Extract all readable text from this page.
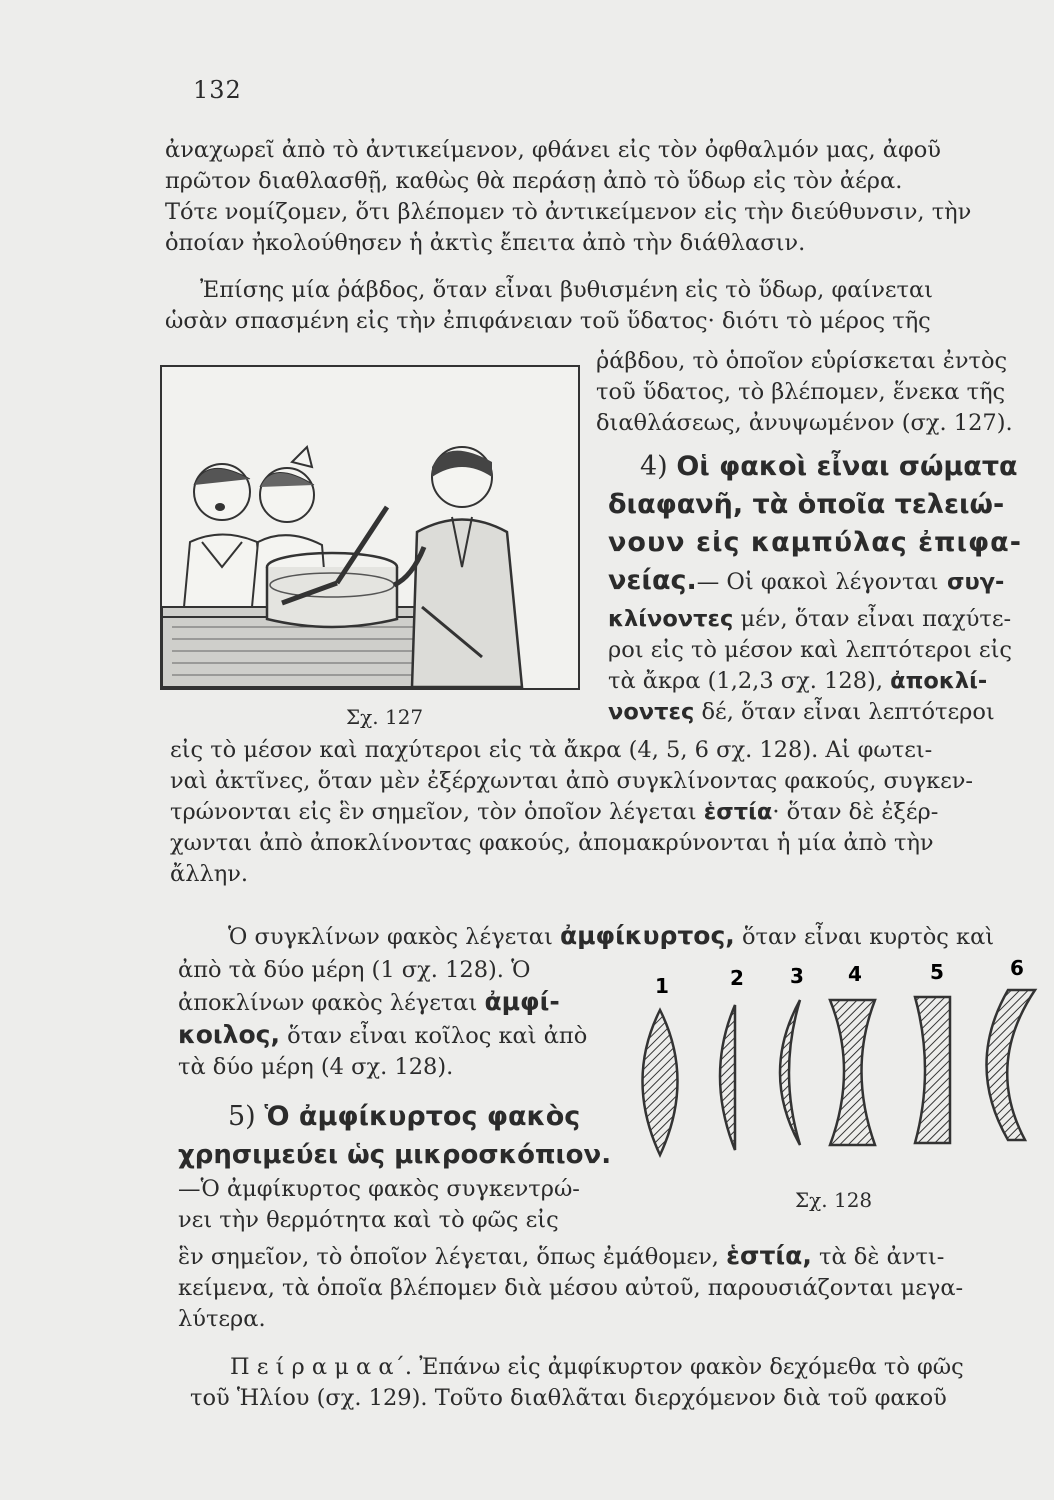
132
ἀναχωρεῖ ἀπὸ τὸ ἀντικείμενον, φθάνει εἰς τὸν ὀφθαλμόν μας, ἀφοῦ
πρῶτον διαθλασθῇ, καθὼς θὰ περάσῃ ἀπὸ τὸ ὕδωρ εἰς τὸν ἀέρα.
Τότε νομίζομεν, ὅτι βλέπομεν τὸ ἀντικείμενον εἰς τὴν διεύθυνσιν, τὴν
ὁποίαν ἠκολούθησεν ἡ ἀκτὶς ἔπειτα ἀπὸ τὴν διάθλασιν.
Ἐπίσης μία ῥάβδος, ὅταν εἶναι βυθισμένη εἰς τὸ ὕδωρ, φαίνεται
ὡσὰν σπασμένη εἰς τὴν ἐπιφάνειαν τοῦ ὕδατος· διότι τὸ μέρος τῆς
ῥάβδου, τὸ ὁποῖον εὑρίσκεται ἐντὸς
τοῦ ὕδατος, τὸ βλέπομεν, ἕνεκα τῆς
διαθλάσεως, ἀνυψωμένον (σχ. 127).
Σχ. 127
4) Οἱ φακοὶ εἶναι σώματα
διαφανῆ, τὰ ὁποῖα τελειώ-
νουν εἰς καμπύλας ἐπιφα-
νείας.— Οἱ φακοὶ λέγονται συγ-
κλίνοντες μέν, ὅταν εἶναι παχύτε-
ροι εἰς τὸ μέσον καὶ λεπτότεροι εἰς
τὰ ἄκρα (1,2,3 σχ. 128), ἀποκλί-
νοντες δέ, ὅταν εἶναι λεπτότεροι
εἰς τὸ μέσον καὶ παχύτεροι εἰς τὰ ἄκρα (4, 5, 6 σχ. 128). Αἱ φωτει-
ναὶ ἀκτῖνες, ὅταν μὲν ἐξέρχωνται ἀπὸ συγκλίνοντας φακούς, συγκεν-
τρώνονται εἰς ἓν σημεῖον, τὸν ὁποῖον λέγεται ἑστία· ὅταν δὲ ἐξέρ-
χωνται ἀπὸ ἀποκλίνοντας φακούς, ἀπομακρύνονται ἡ μία ἀπὸ τὴν
ἄλλην.
Ὁ συγκλίνων φακὸς λέγεται ἀμφίκυρτος, ὅταν εἶναι κυρτὸς καὶ
ἀπὸ τὰ δύο μέρη (1 σχ. 128). Ὁ
ἀποκλίνων φακὸς λέγεται ἀμφί-
κοιλος, ὅταν εἶναι κοῖλος καὶ ἀπὸ
τὰ δύο μέρη (4 σχ. 128).
5) Ὁ ἀμφίκυρτος φακὸς
χρησιμεύει ὡς μικροσκόπιον.
—Ὁ ἀμφίκυρτος φακὸς συγκεντρώ-
νει τὴν θερμότητα καὶ τὸ φῶς εἰς
1	2 3 4	5	6
Σχ. 128
ἓν σημεῖον, τὸ ὁποῖον λέγεται, ὅπως ἐμάθομεν, ἑστία, τὰ δὲ ἀντι-
κείμενα, τὰ ὁποῖα βλέπομεν διὰ μέσου αὐτοῦ, παρουσιάζονται μεγα-
λύτερα.
Π ε ί ρ α μ α α΄. Ἐπάνω εἰς ἀμφίκυρτον φακὸν δεχόμεθα τὸ φῶς
τοῦ Ἡλίου (σχ. 129). Τοῦτο διαθλᾶται διερχόμενον διὰ τοῦ φακοῦ
